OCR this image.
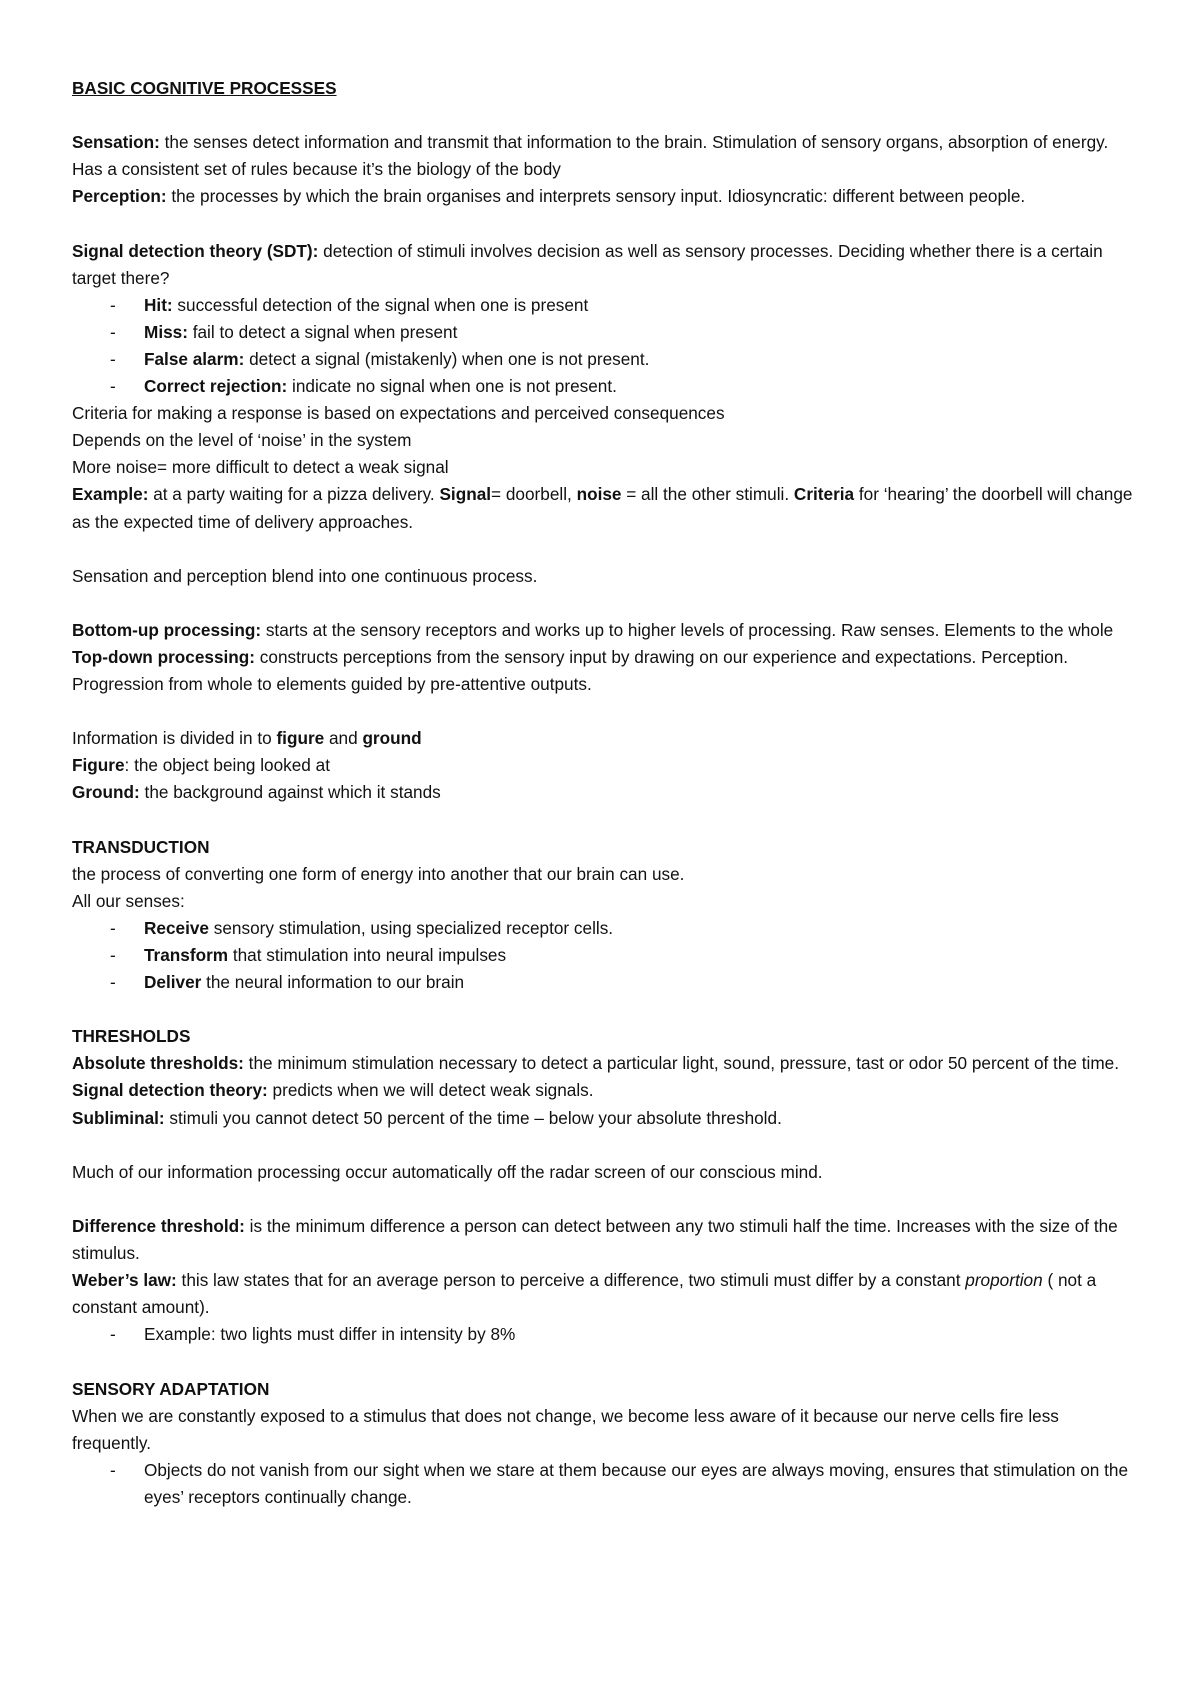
BASIC COGNITIVE PROCESSES

Sensation: the senses detect information and transmit that information to the brain. Stimulation of sensory organs, absorption of energy. Has a consistent set of rules because it’s the biology of the body

Perception: the processes by which the brain organises and interprets sensory input. Idiosyncratic: different between people.

Signal detection theory (SDT): detection of stimuli involves decision as well as sensory processes. Deciding whether there is a certain target there?

- Hit: successful detection of the signal when one is present
- Miss: fail to detect a signal when present
- False alarm: detect a signal (mistakenly) when one is not present.
- Correct rejection: indicate no signal when one is not present.

Criteria for making a response is based on expectations and perceived consequences

Depends on the level of ‘noise’ in the system

More noise= more difficult to detect a weak signal

Example: at a party waiting for a pizza delivery. Signal= doorbell, noise = all the other stimuli. Criteria for ‘hearing’ the doorbell will change as the expected time of delivery approaches.

Sensation and perception blend into one continuous process.

Bottom-up processing: starts at the sensory receptors and works up to higher levels of processing. Raw senses. Elements to the whole

Top-down processing: constructs perceptions from the sensory input by drawing on our experience and expectations. Perception. Progression from whole to elements guided by pre-attentive outputs.

Information is divided in to figure and ground

Figure: the object being looked at

Ground: the background against which it stands

TRANSDUCTION

the process of converting one form of energy into another that our brain can use.

All our senses:

- Receive sensory stimulation, using specialized receptor cells.
- Transform that stimulation into neural impulses
- Deliver the neural information to our brain

THRESHOLDS

Absolute thresholds: the minimum stimulation necessary to detect a particular light, sound, pressure, tast or odor 50 percent of the time.

Signal detection theory: predicts when we will detect weak signals.

Subliminal: stimuli you cannot detect 50 percent of the time – below your absolute threshold.

Much of our information processing occur automatically off the radar screen of our conscious mind.

Difference threshold: is the minimum difference a person can detect between any two stimuli half the time. Increases with the size of the stimulus.

Weber’s law: this law states that for an average person to perceive a difference, two stimuli must differ by a constant proportion ( not a constant amount).

- Example: two lights must differ in intensity by 8%

SENSORY ADAPTATION

When we are constantly exposed to a stimulus that does not change, we become less aware of it because our nerve cells fire less frequently.

- Objects do not vanish from our sight when we stare at them because our eyes are always moving, ensures that stimulation on the eyes’ receptors continually change.
